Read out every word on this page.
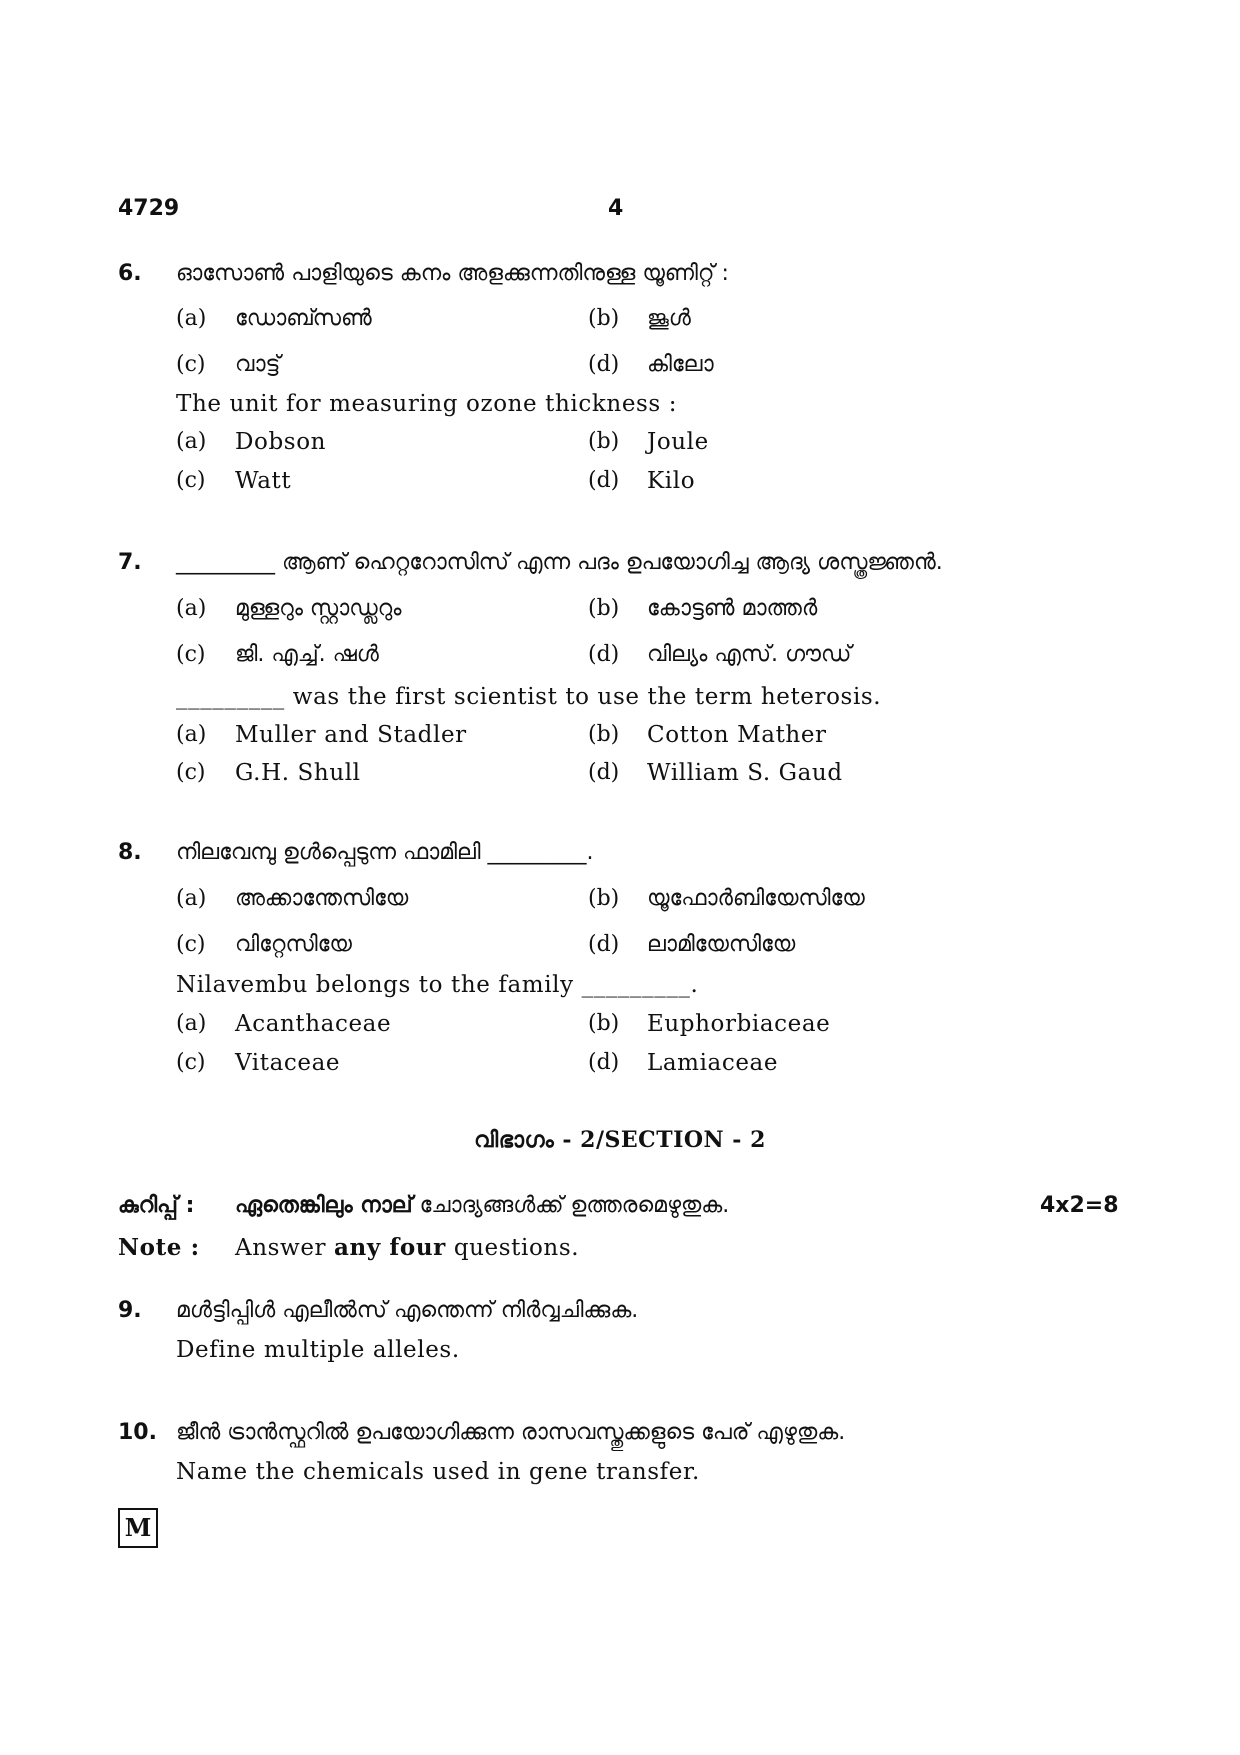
4729	4
6. ഓസോൺ പാളിയുടെ കനം അളക്കുന്നതിനുള്ള യൂണിറ്റ് :
(a) ഡോബ്സൺ	(b) ജൂൾ
(c) വാട്ട്	(d) കിലോ
The unit for measuring ozone thickness :
(a) Dobson	(b) Joule
(c) Watt	(d) Kilo
7. _________ ആണ് ഹെറ്ററോസിസ് എന്ന പദം ഉപയോഗിച്ച ആദ്യ ശസ്ത്രജ്ഞൻ.
(a) മുള്ളറും സ്റ്റാഡ്ലറും	(b) കോട്ടൺ മാത്തർ
(c) ജി. എച്ച്. ഷൾ	(d) വില്യം എസ്. ഗൗഡ്
_________ was the first scientist to use the term heterosis.
(a) Muller and Stadler	(b) Cotton Mather
(c) G.H. Shull	(d) William S. Gaud
8. നിലവേമ്പു ഉൾപ്പെടുന്ന ഫാമിലി _________.
(a) അക്കാന്തേസിയേ	(b) യൂഫോർബിയേസിയേ
(c) വിറ്റേസിയേ	(d) ലാമിയേസിയേ
Nilavembu belongs to the family _________.
(a) Acanthaceae	(b) Euphorbiaceae
(c) Vitaceae	(d) Lamiaceae
വിഭാഗം - 2/SECTION - 2
കുറിപ്പ് : ഏതെങ്കിലും നാല് ചോദ്യങ്ങൾക്ക് ഉത്തരമെഴുതുക.	4x2=8
Note : Answer any four questions.
9. മൾട്ടിപ്പിൾ എലീൽസ് എന്തെന്ന് നിർവ്വചിക്കുക.
Define multiple alleles.
10. ജീൻ ട്രാൻസ്ഫറിൽ ഉപയോഗിക്കുന്ന രാസവസ്തുക്കളുടെ പേര് എഴുതുക.
Name the chemicals used in gene transfer.
M
